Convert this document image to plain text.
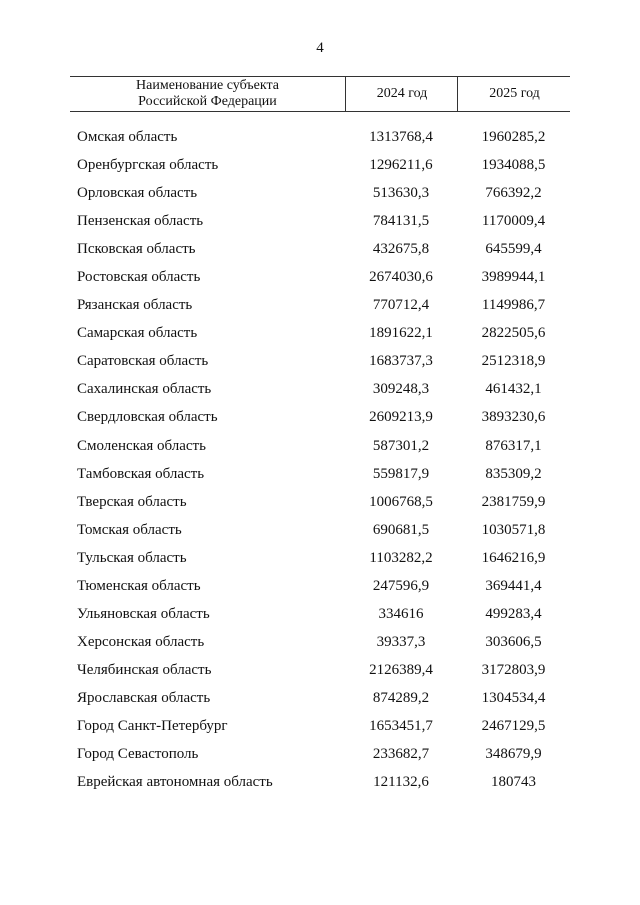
4
Наименование субъекта
Российской Федерации
2024 год	2025 год
Омская область	1313768,4	1960285,2
Оренбургская область	1296211,6	1934088,5
Орловская область	513630,3	766392,2
Пензенская область	784131,5	1170009,4
Псковская область	432675,8	645599,4
Ростовская область	2674030,6	3989944,1
Рязанская область	770712,4	1149986,7
Самарская область	1891622,1	2822505,6
Саратовская область	1683737,3	2512318,9
Сахалинская область	309248,3	461432,1
Свердловская область	2609213,9	3893230,6
Смоленская область	587301,2	876317,1
Тамбовская область	559817,9	835309,2
Тверская область	1006768,5	2381759,9
Томская область	690681,5	1030571,8
Тульская область	1103282,2	1646216,9
Тюменская область	247596,9	369441,4
Ульяновская область	334616	499283,4
Херсонская область	39337,3	303606,5
Челябинская область	2126389,4	3172803,9
Ярославская область	874289,2	1304534,4
Город Санкт-Петербург	1653451,7	2467129,5
Город Севастополь	233682,7	348679,9
Еврейская автономная область	121132,6	180743
